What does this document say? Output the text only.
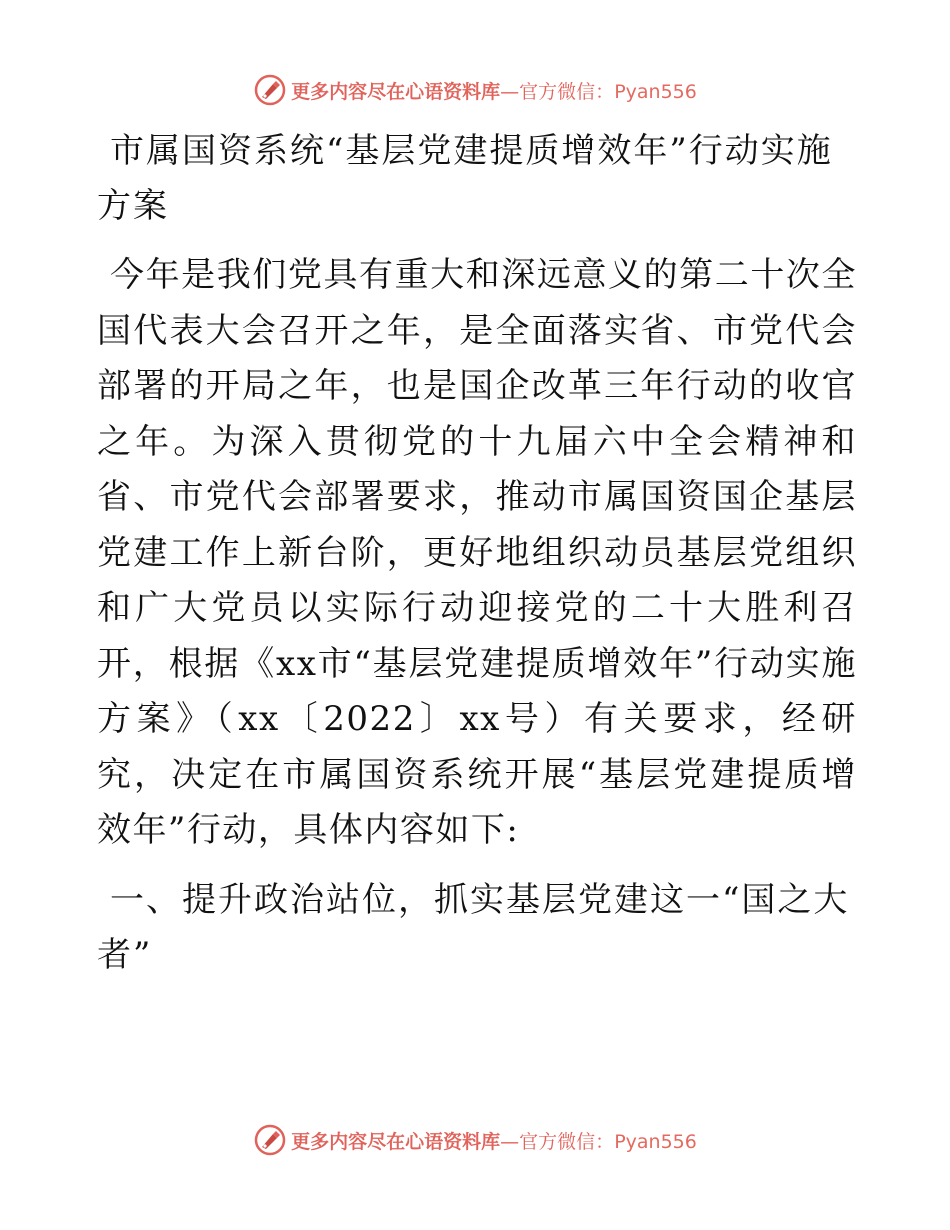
更多内容尽在心语资料库—官方微信：Pyan556
市属国资系统“基层党建提质增效年”行动实施方案

今年是我们党具有重大和深远意义的第二十次全国代表大会召开之年，是全面落实省、市党代会部署的开局之年，也是国企改革三年行动的收官之年。为深入贯彻党的十九届六中全会精神和省、市党代会部署要求，推动市属国资国企基层党建工作上新台阶，更好地组织动员基层党组织和广大党员以实际行动迎接党的二十大胜利召开，根据《xx市“基层党建提质增效年”行动实施方案》（xx〔2022〕xx号）有关要求，经研究，决定在市属国资系统开展“基层党建提质增效年”行动，具体内容如下:

一、提升政治站位，抓实基层党建这一“国之大者”
更多内容尽在心语资料库—官方微信：Pyan556
